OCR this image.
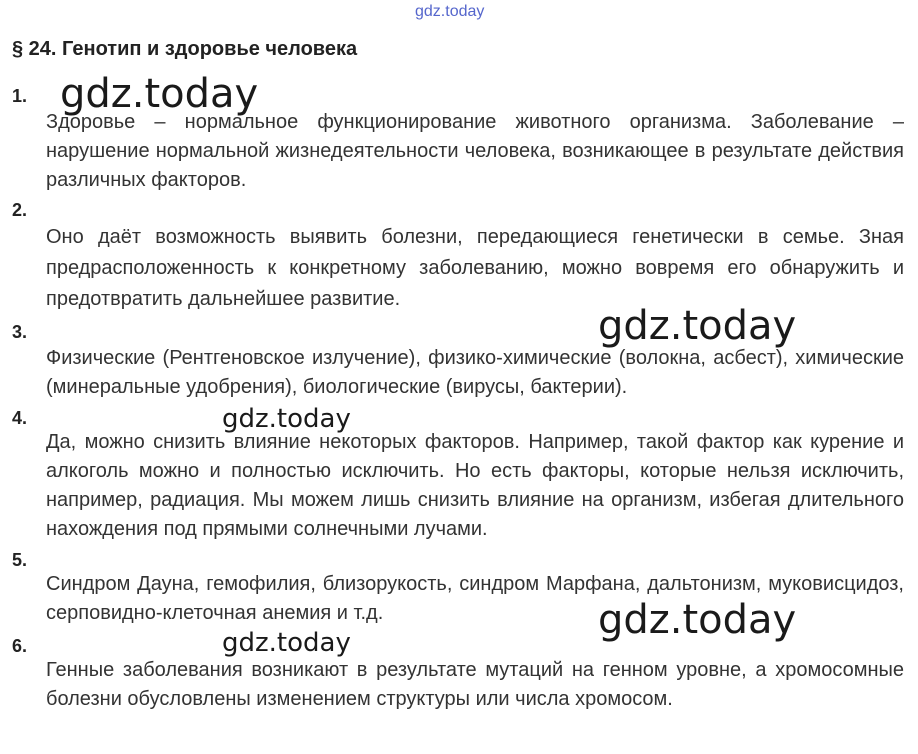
gdz.today
§ 24. Генотип и здоровье человека
1.

Здоровье – нормальное функционирование животного организма. Заболевание – нарушение нормальной жизнедеятельности человека, возникающее в результате действия различных факторов.

2.

Оно даёт возможность выявить болезни, передающиеся генетически в семье. Зная предрасположенность к конкретному заболеванию, можно вовремя его обнаружить и предотвратить дальнейшее развитие.

3.

Физические (Рентгеновское излучение), физико-химические (волокна, асбест), химические (минеральные удобрения), биологические (вирусы, бактерии).

4.

Да, можно снизить влияние некоторых факторов. Например, такой фактор как курение и алкоголь можно и полностью исключить. Но есть факторы, которые нельзя исключить, например, радиация. Мы можем лишь снизить влияние на организм, избегая длительного нахождения под прямыми солнечными лучами.

5.

Синдром Дауна, гемофилия, близорукость, синдром Марфана, дальтонизм, муковисцидоз, серповидно-клеточная анемия и т.д.

6.

Генные заболевания возникают в результате мутаций на генном уровне, а хромосомные болезни обусловлены изменением структуры или числа хромосом.

gdz.today
gdz.today
gdz.today
gdz.today
gdz.today
